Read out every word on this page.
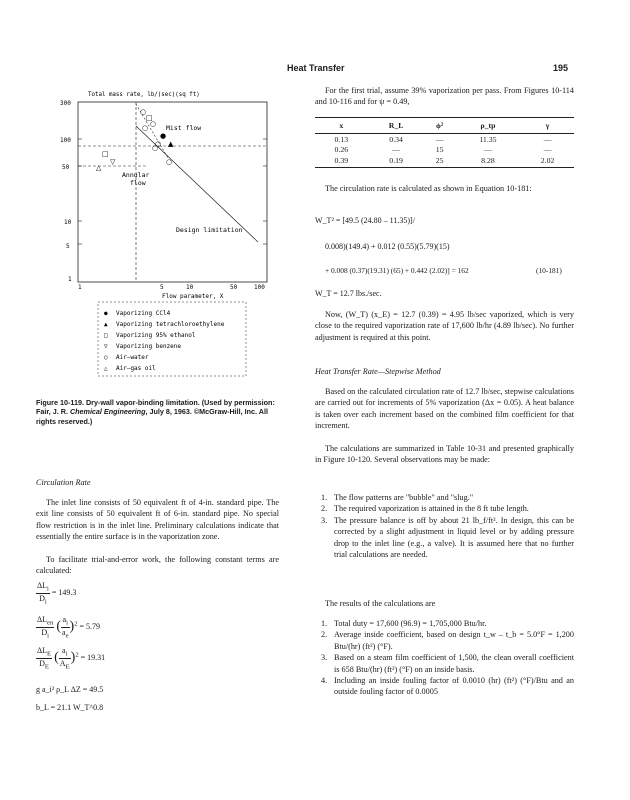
Heat Transfer	195
Total mass rate, lb/(sec)(sq ft)
300
100
50
10
5
1
1	5	10	50	100
Flow parameter, X
Mist flow
Annular flow
Design limitation
○
□
○ ○
●
▲
○
○
□
▽
△
○
● Vaporizing CCl4
▲ Vaporizing tetrachloroethylene
□ Vaporizing 95% ethanol
▽ Vaporizing benzene
○ Air–water
△ Air–gas oil
Figure 10-119. Dry-wall vapor-binding limitation. (Used by permission: Fair, J. R. Chemical Engineering, July 8, 1963. ©McGraw-Hill, Inc. All rights reserved.)
Circulation Rate
The inlet line consists of 50 equivalent ft of 4-in. standard pipe. The exit line consists of 50 equivalent ft of 6-in. standard pipe. No special flow restriction is in the inlet line. Preliminary calculations indicate that essentially the entire surface is in the vaporization zone.
To facilitate trial-and-error work, the following constant terms are calculated:
$\frac{\Delta L_i}{D_i} = 149.3$
$\frac{\Delta L_{en}}{D_i}$ ( $\frac{a_i}{a_e} )^2 = 5.79$
$\frac{\Delta L_E}{D_E}$ ( $\frac{a_i}{A_E} )^2 = 19.31$
g a_i² ρ_L ΔZ = 49.5
b_L = 21.1 W_T^0.8
For the first trial, assume 39% vaporization per pass. From Figures 10-114 and 10-116 and for ψ = 0.49,
x	R_L	ϕ²	ρ_tp	γ
0.13	0.34	—	11.35	—
0.26	—	15	—	—
0.39	0.19	25	8.28	2.02
The circulation rate is calculated as shown in Equation 10-181:
W_T² = [49.5 (24.80 – 11.35)]/
0.008)(149.4) + 0.012 (0.55)(5.79)(15)
+ 0.008 (0.37)(19.31) (65) + 0.442 (2.02)] = 162	(10-181)
W_T = 12.7 lbs./sec.
Now, (W_T) (x_E) = 12.7 (0.39) = 4.95 lb/sec vaporized, which is very close to the required vaporization rate of 17,600 lb/hr (4.89 lb/sec). No further adjustment is required at this point.
Heat Transfer Rate—Stepwise Method
Based on the calculated circulation rate of 12.7 lb/sec, stepwise calculations are carried out for increments of 5% vaporization (Δx = 0.05). A heat balance is taken over each increment based on the combined film coefficient for that increment.
The calculations are summarized in Table 10-31 and presented graphically in Figure 10-120. Several observations may be made:
1. The flow patterns are "bubble" and "slug."
2. The required vaporization is attained in the 8 ft tube length.
3. The pressure balance is off by about 21 lb_f/ft². In design, this can be corrected by a slight adjustment in liquid level or by adding pressure drop to the inlet line (e.g., a valve). It is assumed here that no further trial calculations are needed.
The results of the calculations are
1. Total duty = 17,600 (96.9) = 1,705,000 Btu/hr.
2. Average inside coefficient, based on design t_w – t_b = 5.0°F = 1,200 Btu/(hr) (ft²) (°F).
3. Based on a steam film coefficient of 1,500, the clean overall coefficient is 658 Btu/(hr) (ft²) (°F) on an inside basis.
4. Including an inside fouling factor of 0.0010 (hr) (ft²) (°F)/Btu and an outside fouling factor of 0.0005
